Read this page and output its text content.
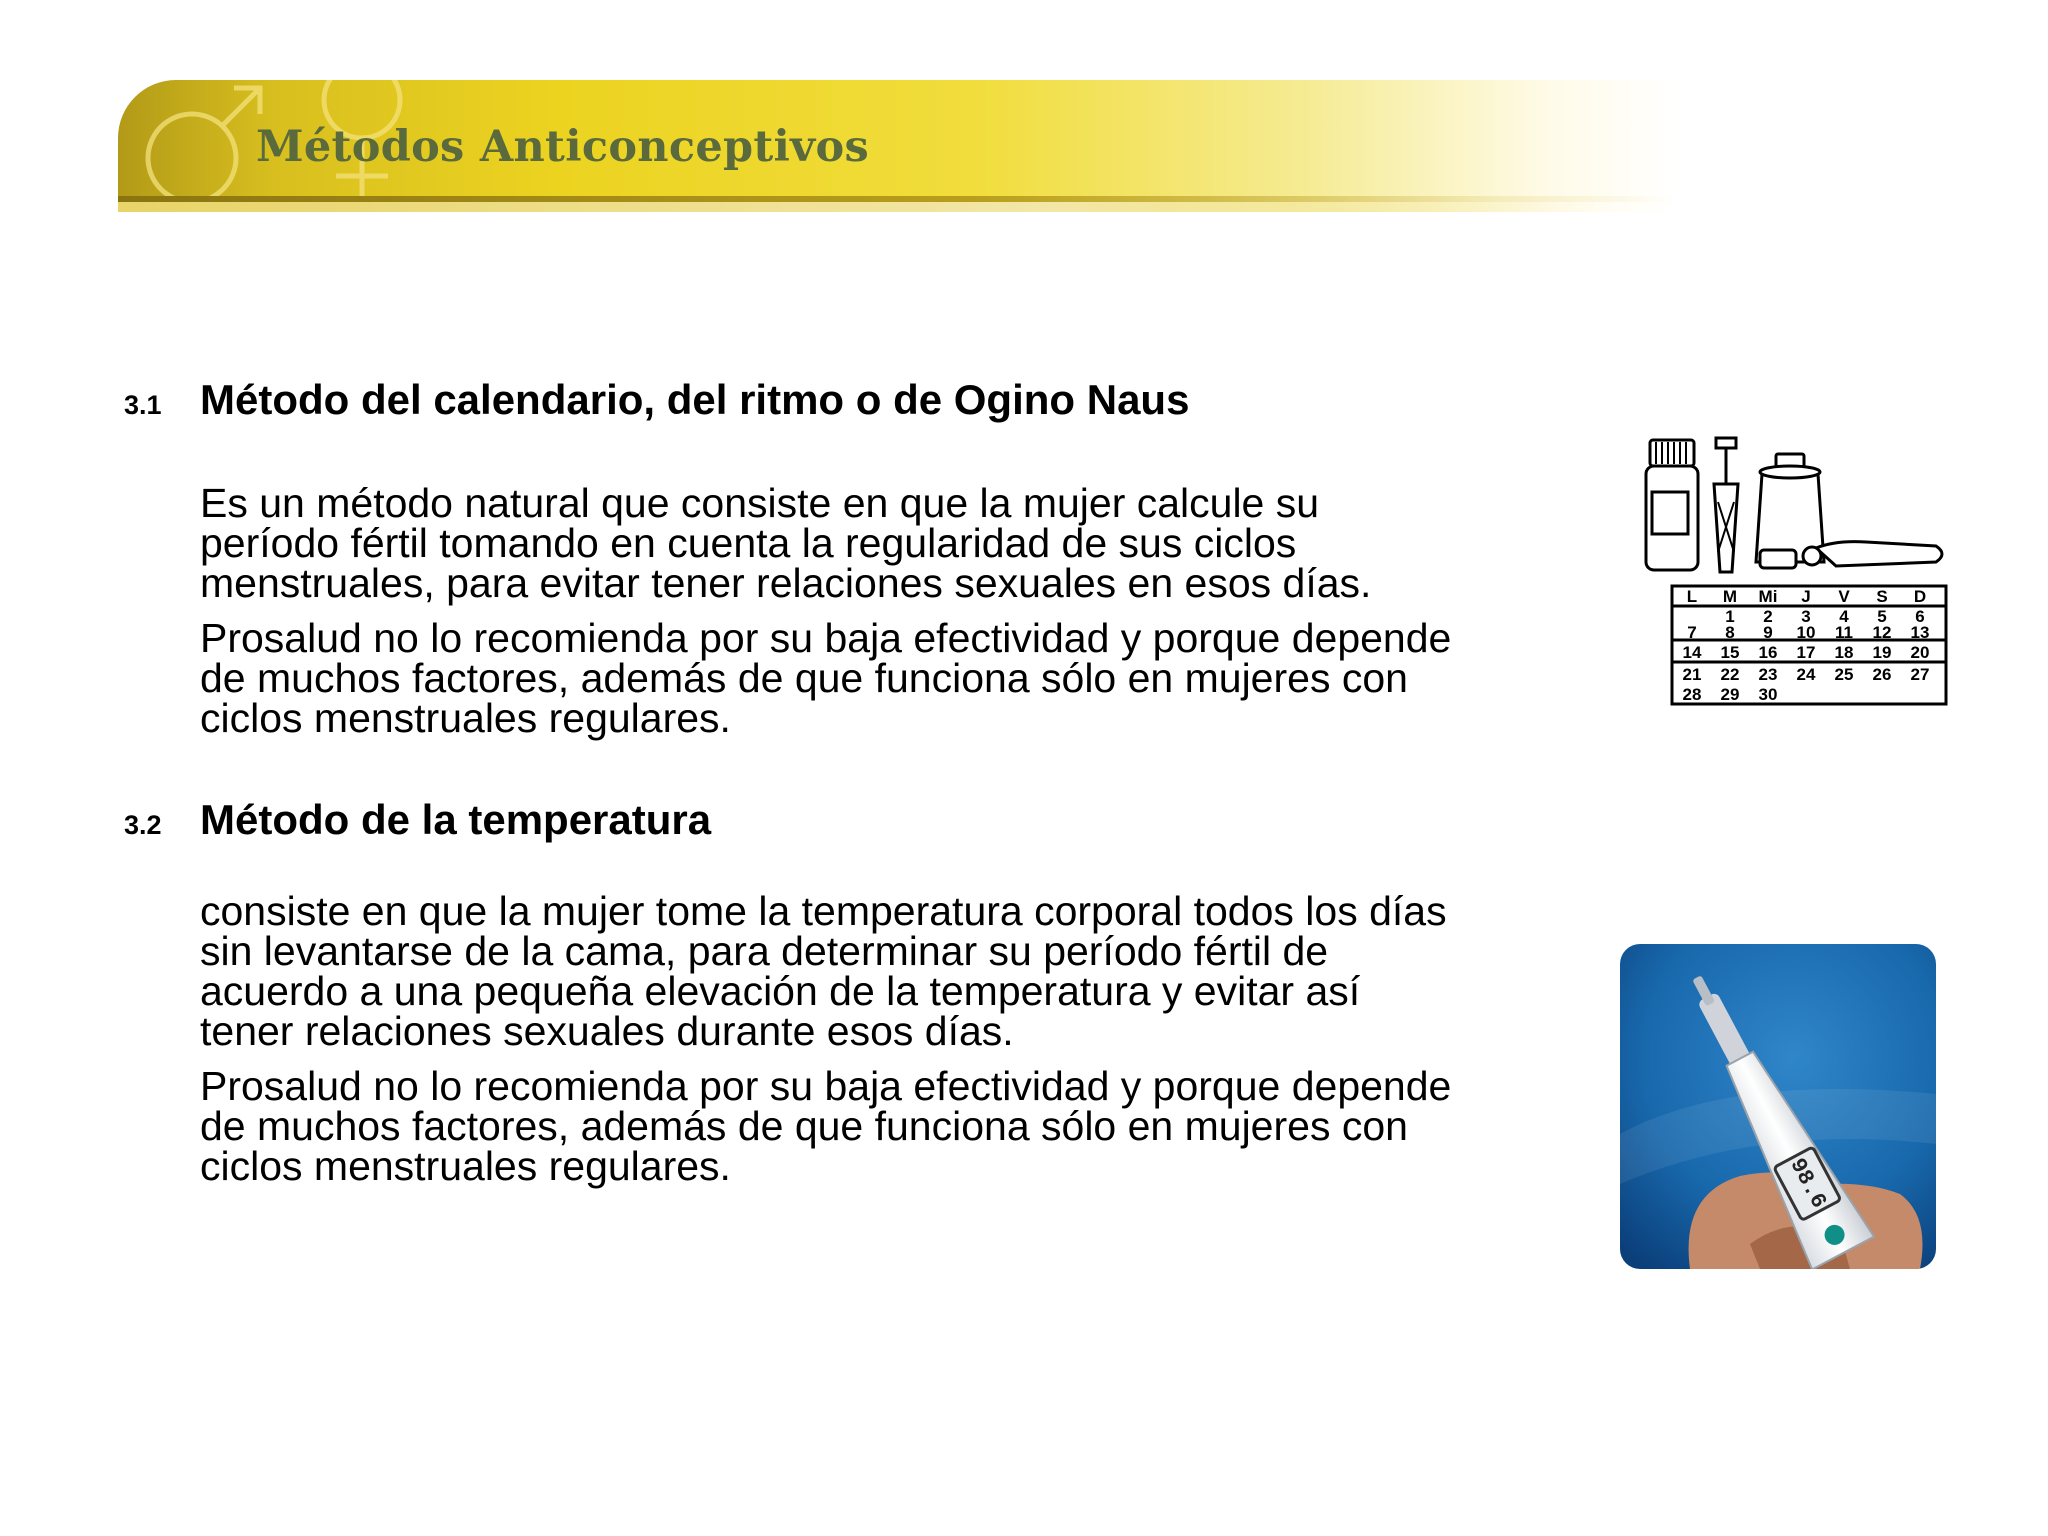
Métodos Anticonceptivos
3.1 Método del calendario, del ritmo o de Ogino Naus

Es un método natural que consiste en que la mujer calcule su
período fértil tomando en cuenta la regularidad de sus ciclos
menstruales, para evitar tener relaciones sexuales en esos días.

Prosalud no lo recomienda por su baja efectividad y porque depende
de muchos factores, además de que funciona sólo en mujeres con
ciclos menstruales regulares.

L M Mi J V S D
1 2 3 4 5 6
7 8 9 10 11 12 13
14 15 16 17 18 19 20
21 22 23 24 25 26 27
28 29 30
3.2 Método de la temperatura

consiste en que la mujer tome la temperatura corporal todos los días
sin levantarse de la cama, para determinar su período fértil de
acuerdo a una pequeña elevación de la temperatura y evitar así
tener relaciones sexuales durante esos días.

Prosalud no lo recomienda por su baja efectividad y porque depende
de muchos factores, además de que funciona sólo en mujeres con
ciclos menstruales regulares.	98.6
